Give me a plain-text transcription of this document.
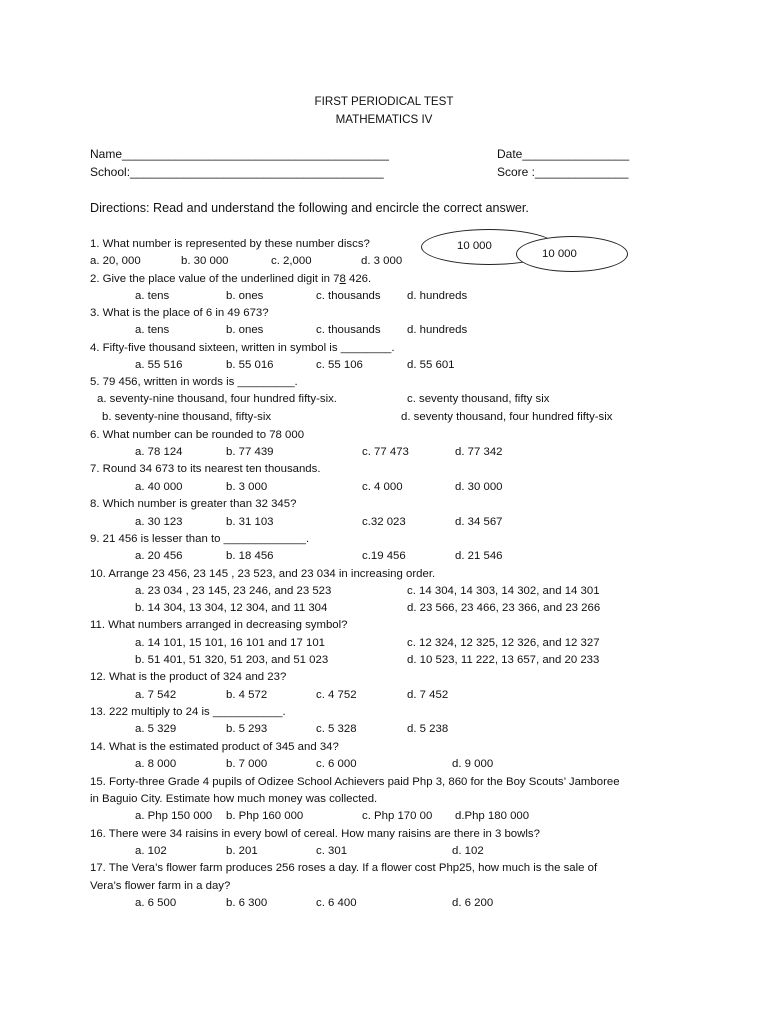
FIRST PERIODICAL TEST
MATHEMATICS IV
Name________________________________________	Date________________
School:______________________________________	Score :______________
Directions: Read and understand the following and encircle the correct answer.
10 000
10 000
1. What number is represented by these number discs?
a. 20, 000	b. 30 000	c. 2,000	d. 3 000
2. Give the place value of the underlined digit in 78 426.
a. tens	b. ones	c. thousands d. hundreds
3. What is the place of 6 in 49 673?
a. tens	b. ones	c. thousands d. hundreds
4. Fifty-five thousand sixteen, written in symbol is ________.
a. 55 516	b. 55 016	c. 55 106	d. 55 601
5. 79 456, written in words is _________.
a. seventy-nine thousand, four hundred fifty-six.	c. seventy thousand, fifty six
b. seventy-nine thousand, fifty-six	d. seventy thousand, four hundred fifty-six
6. What number can be rounded to 78 000
a. 78 124	b. 77 439	c. 77 473	d. 77 342
7. Round 34 673 to its nearest ten thousands.
a. 40 000	b. 3 000	c. 4 000	d. 30 000
8. Which number is greater than 32 345?
a. 30 123	b. 31 103	c.32 023	d. 34 567
9. 21 456 is lesser than to _____________.
a. 20 456	b. 18 456	c.19 456	d. 21 546
10. Arrange 23 456, 23 145 , 23 523, and 23 034 in increasing order.
a. 23 034 , 23 145, 23 246, and 23 523	c. 14 304, 14 303, 14 302, and 14 301
b. 14 304, 13 304, 12 304, and 11 304	d. 23 566, 23 466, 23 366, and 23 266
11. What numbers arranged in decreasing symbol?
a. 14 101, 15 101, 16 101 and 17 101	c. 12 324, 12 325, 12 326, and 12 327
b. 51 401, 51 320, 51 203, and 51 023	d. 10 523, 11 222, 13 657, and 20 233
12. What is the product of 324 and 23?
a. 7 542	b. 4 572	c. 4 752	d. 7 452
13. 222 multiply to 24 is ___________.
a. 5 329	b. 5 293	c. 5 328	d. 5 238
14. What is the estimated product of 345 and 34?
a. 8 000	b. 7 000	c. 6 000	d. 9 000
15. Forty-three Grade 4 pupils of Odizee School Achievers paid Php 3, 860 for the Boy Scouts’ Jamboree
in Baguio City. Estimate how much money was collected.
a. Php 150 000 b. Php 160 000	c. Php 170 00 d.Php 180 000
16. There were 34 raisins in every bowl of cereal. How many raisins are there in 3 bowls?
a. 102	b. 201	c. 301	d. 102
17. The Vera’s flower farm produces 256 roses a day. If a flower cost Php25, how much is the sale of
Vera’s flower farm in a day?
a. 6 500	b. 6 300	c. 6 400	d. 6 200
